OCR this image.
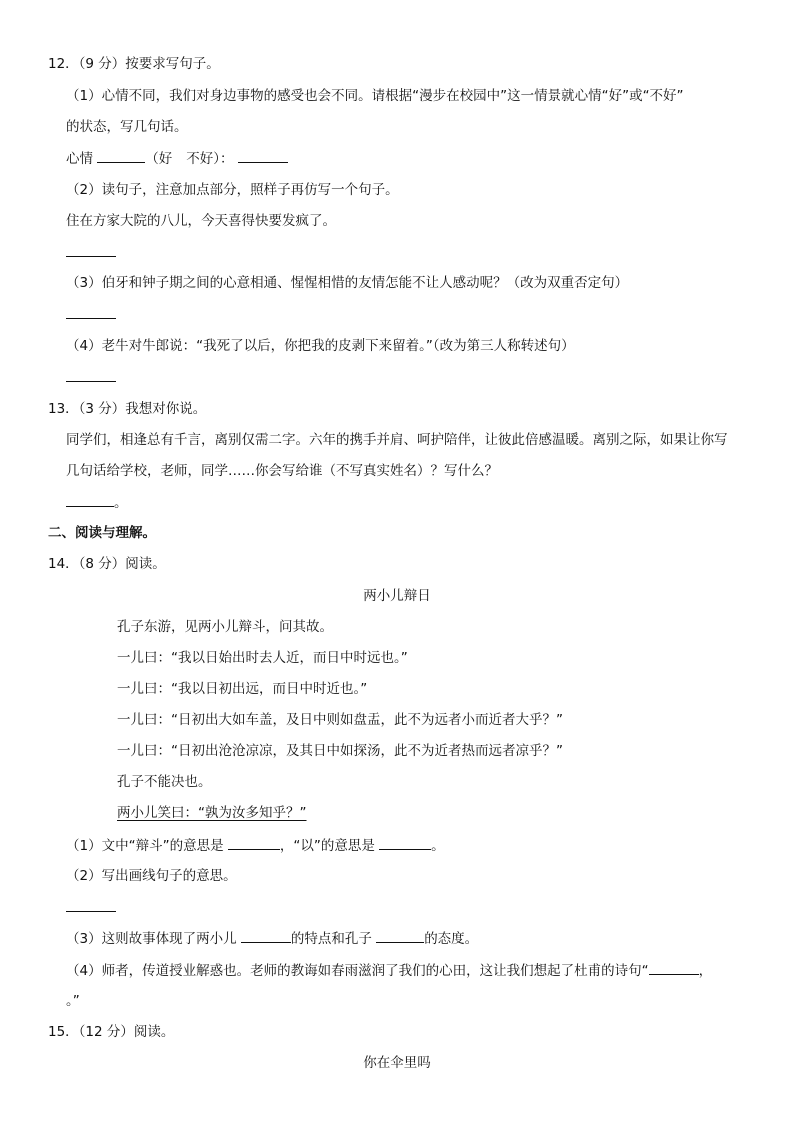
12．（9 分）按要求写句子。
（1）心情不同，我们对身边事物的感受也会不同。请根据“漫步在校园中”这一情景就心情“好”或“不好”
的状态，写几句话。
心情	（好 不好）：
（2）读句子，注意加点部分，照样子再仿写一个句子。
住在方家大院的八儿，今天喜得快要发疯了。
（3）伯牙和钟子期之间的心意相通、惺惺相惜的友情怎能不让人感动呢？（改为双重否定句）
（4）老牛对牛郎说：“我死了以后，你把我的皮剥下来留着。”（改为第三人称转述句）
13．（3 分）我想对你说。
同学们，相逢总有千言，离别仅需二字。六年的携手并肩、呵护陪伴，让彼此倍感温暖。离别之际，如果让你写
几句话给学校，老师，同学……你会写给谁（不写真实姓名）？写什么？
。
二、阅读与理解。
14．（8 分）阅读。
两小儿辩日
孔子东游，见两小儿辩斗，问其故。
一儿曰：“我以日始出时去人近，而日中时远也。”
一儿曰：“我以日初出远，而日中时近也。”
一儿曰：“日初出大如车盖，及日中则如盘盂，此不为远者小而近者大乎？”
一儿曰：“日初出沧沧凉凉，及其日中如探汤，此不为近者热而远者凉乎？”
孔子不能决也。
两小儿笑曰：“孰为汝多知乎？”
（1）文中“辩斗”的意思是	，“以”的意思是	。
（2）写出画线句子的意思。
（3）这则故事体现了两小儿	的特点和孔子	的态度。
（4）师者，传道授业解惑也。老师的教诲如春雨滋润了我们的心田，这让我们想起了杜甫的诗句“	，
。”
15．（12 分）阅读。
你在伞里吗
